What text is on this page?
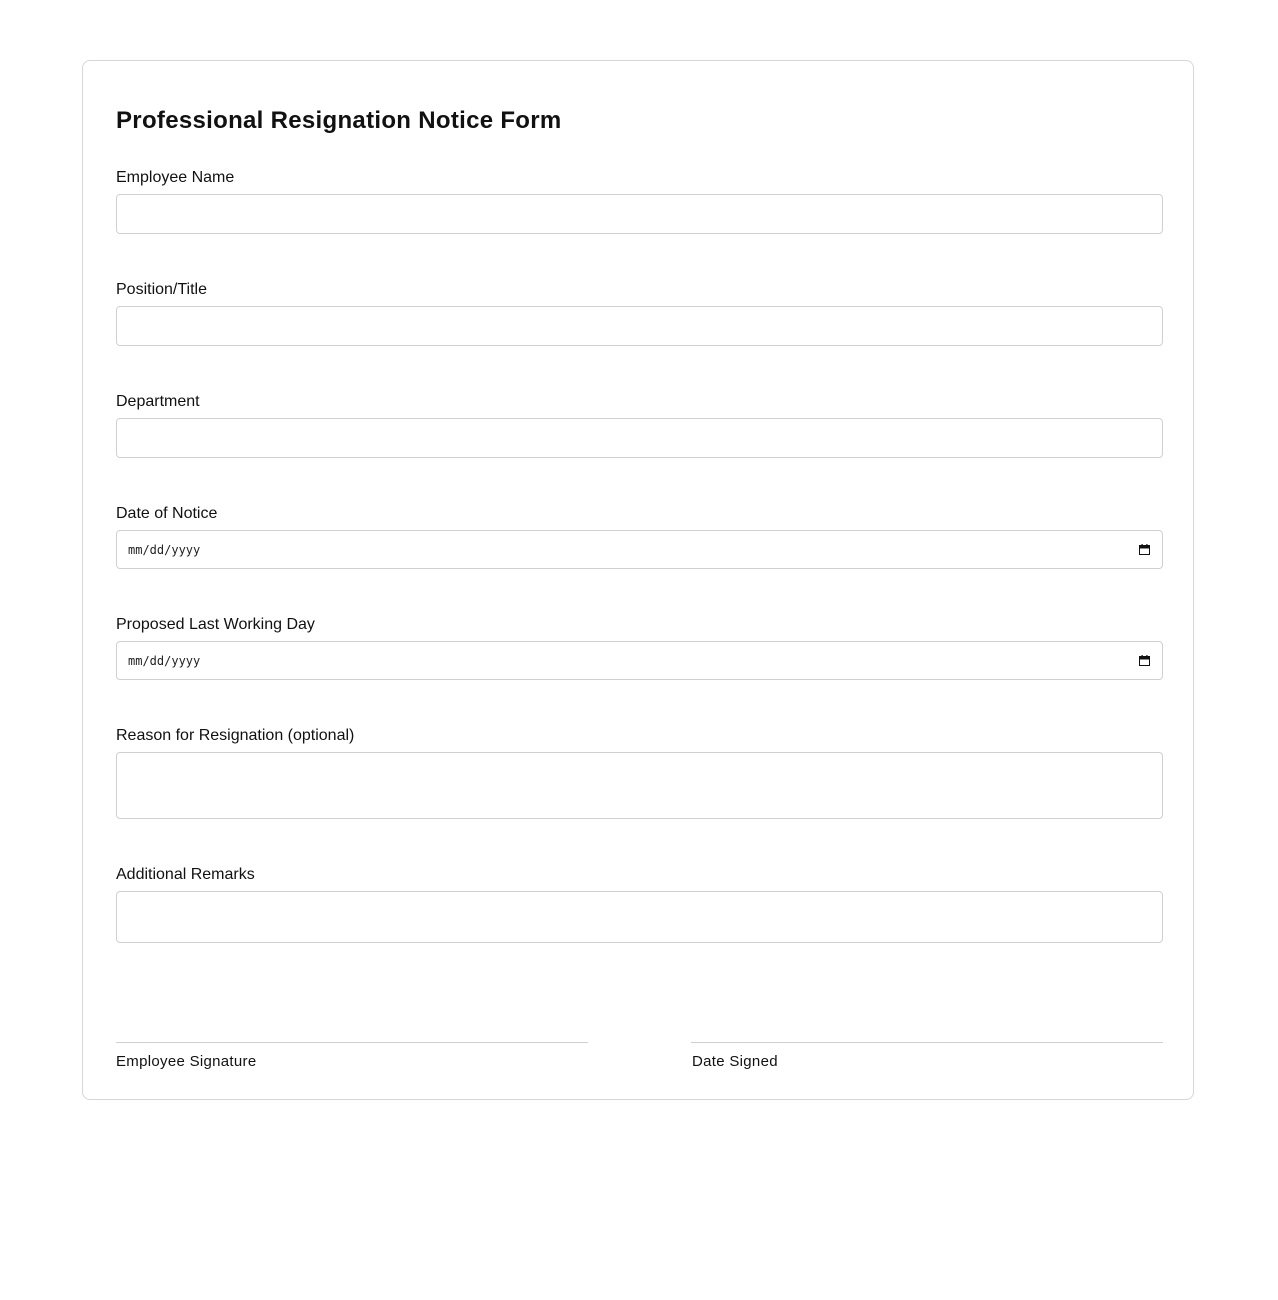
Professional Resignation Notice Form
Employee Name
Position/Title
Department
Date of Notice
mm/dd/yyyy
Proposed Last Working Day
mm/dd/yyyy
Reason for Resignation (optional)
Additional Remarks
Employee Signature	Date Signed
